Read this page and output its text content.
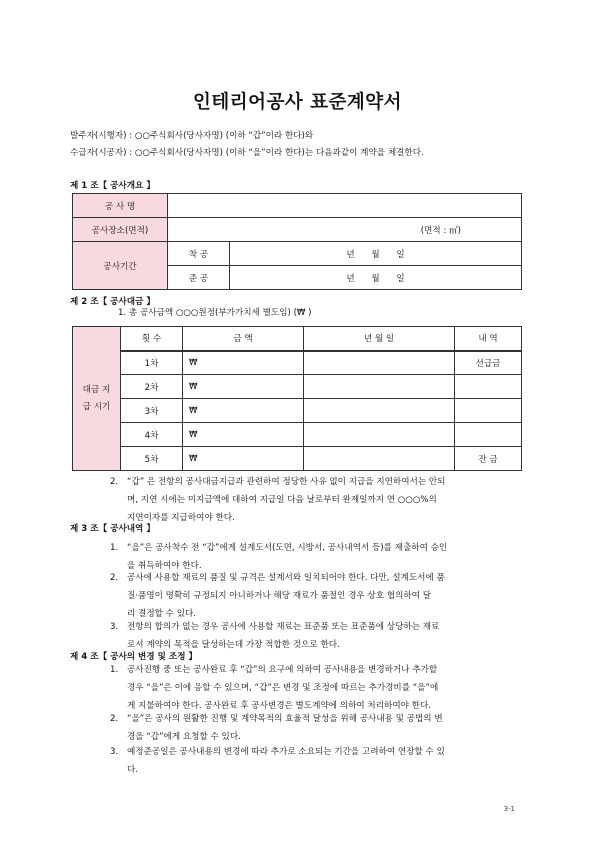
인테리어공사 표준계약서
발주자(시행자) : ○○주식회사(당사자명) (이하 “갑”이라 한다)와
수급자(시공자) : ○○주식회사(당사자명) (이하 “을”이라 한다)는 다음과같이 계약을 체결한다.
제 1 조【 공사개요 】
공 사 명		
공사장소(면적)	(면적 : ㎡)	
공사기간	착 공	년 월 일
	준 공	년 월 일
제 2 조【 공사대금 】
1. 총 공사금액 ○○○원정(부가가치세 별도임) (₩ )
대금 지급 시기	횟 수	금 액	년 월 일	내 역
	1차	₩		선급금
	2차	₩		
	3차	₩		
	4차	₩		
	5차	₩		잔 금
2. “갑” 은 전항의 공사대금지급과 관련하여 정당한 사유 없이 지급을 지연하여서는 안되
며, 지연 시에는 미지급액에 대하여 지급일 다음 날로부터 완제일까지 연 ○○○%의
지연이자를 지급하여야 한다.
제 3 조【 공사내역 】
1. “을”은 공사착수 전 “갑”에게 설계도서(도면, 시방서, 공사내역서 등)를 제출하여 승인
을 취득하여야 한다.
2. 공사에 사용할 재료의 품질 및 규격은 설계서와 일치되어야 한다. 다만, 설계도서에 품
질·품명이 명확히 규정되지 아니하거나 해당 재료가 품절인 경우 상호 협의하여 달
리 결정할 수 있다.
3. 전항의 합의가 없는 경우 공사에 사용할 재료는 표준품 또는 표준품에 상당하는 재료
로서 계약의 목적을 달성하는데 가장 적합한 것으로 한다.
제 4 조【 공사의 변경 및 조정 】
1. 공사진행 중 또는 공사완료 후 “갑”의 요구에 의하여 공사내용을 변경하거나 추가할
경우 “을”은 이에 응할 수 있으며, “갑”은 변경 및 조정에 따르는 추가경비를 “을”에
게 지불하여야 한다. 공사완료 후 공사변경은 별도계약에 의하여 처리하여야 한다.
2. “을”은 공사의 원활한 진행 및 계약목적의 효율적 달성을 위해 공사내용 및 공법의 변
경을 “갑”에게 요청할 수 있다.
3. 예정준공일은 공사내용의 변경에 따라 추가로 소요되는 기간을 고려하여 연장할 수 있
다.
3-1
